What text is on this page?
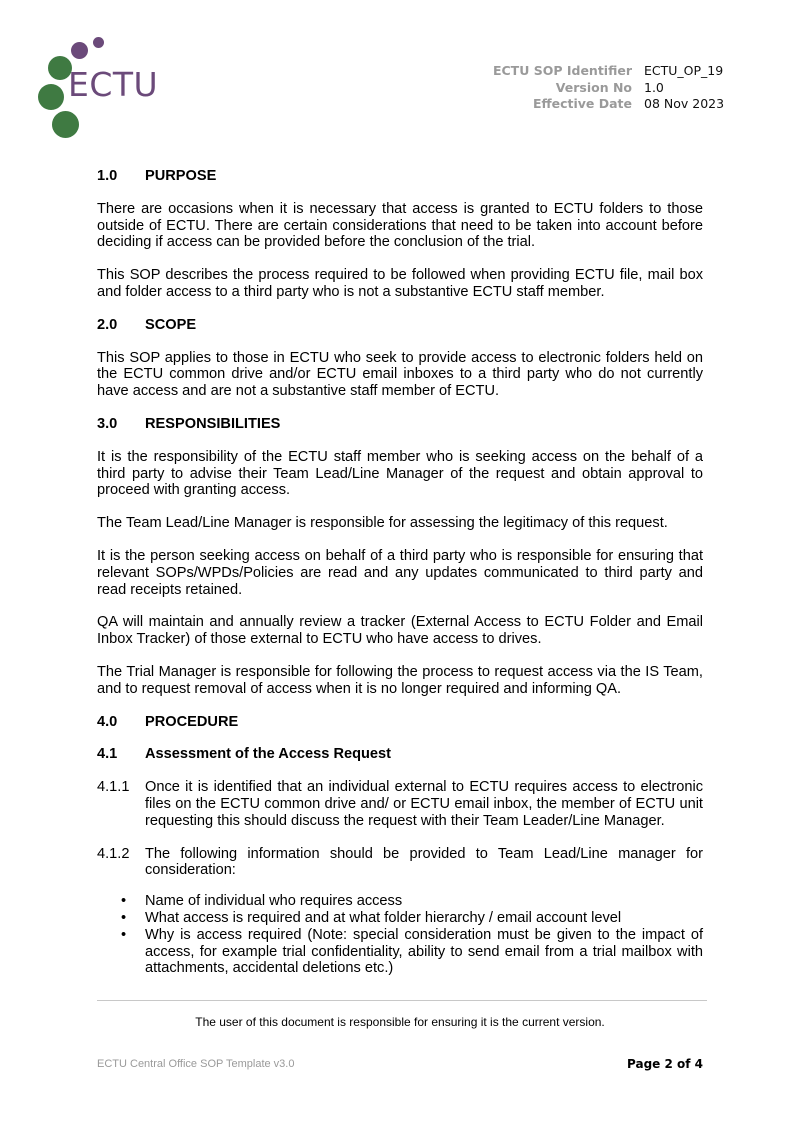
ECTU	ECTU SOP Identifier ECTU_OP_19
Version No 1.0
Effective Date 08 Nov 2023
1.0	PURPOSE
There are occasions when it is necessary that access is granted to ECTU folders to those outside of ECTU. There are certain considerations that need to be taken into account before deciding if access can be provided before the conclusion of the trial.
This SOP describes the process required to be followed when providing ECTU file, mail box and folder access to a third party who is not a substantive ECTU staff member.
2.0	SCOPE
This SOP applies to those in ECTU who seek to provide access to electronic folders held on the ECTU common drive and/or ECTU email inboxes to a third party who do not currently have access and are not a substantive staff member of ECTU.
3.0	RESPONSIBILITIES
It is the responsibility of the ECTU staff member who is seeking access on the behalf of a third party to advise their Team Lead/Line Manager of the request and obtain approval to proceed with granting access.
The Team Lead/Line Manager is responsible for assessing the legitimacy of this request.
It is the person seeking access on behalf of a third party who is responsible for ensuring that relevant SOPs/WPDs/Policies are read and any updates communicated to third party and read receipts retained.
QA will maintain and annually review a tracker (External Access to ECTU Folder and Email Inbox Tracker) of those external to ECTU who have access to drives.
The Trial Manager is responsible for following the process to request access via the IS Team, and to request removal of access when it is no longer required and informing QA.
4.0	PROCEDURE
4.1	Assessment of the Access Request
4.1.1	Once it is identified that an individual external to ECTU requires access to electronic files on the ECTU common drive and/ or ECTU email inbox, the member of ECTU unit requesting this should discuss the request with their Team Leader/Line Manager.
4.1.2	The following information should be provided to Team Lead/Line manager for consideration:
• Name of individual who requires access
• What access is required and at what folder hierarchy / email account level
• Why is access required (Note: special consideration must be given to the impact of access, for example trial confidentiality, ability to send email from a trial mailbox with attachments, accidental deletions etc.)
The user of this document is responsible for ensuring it is the current version.
ECTU Central Office SOP Template v3.0	Page 2 of 4
